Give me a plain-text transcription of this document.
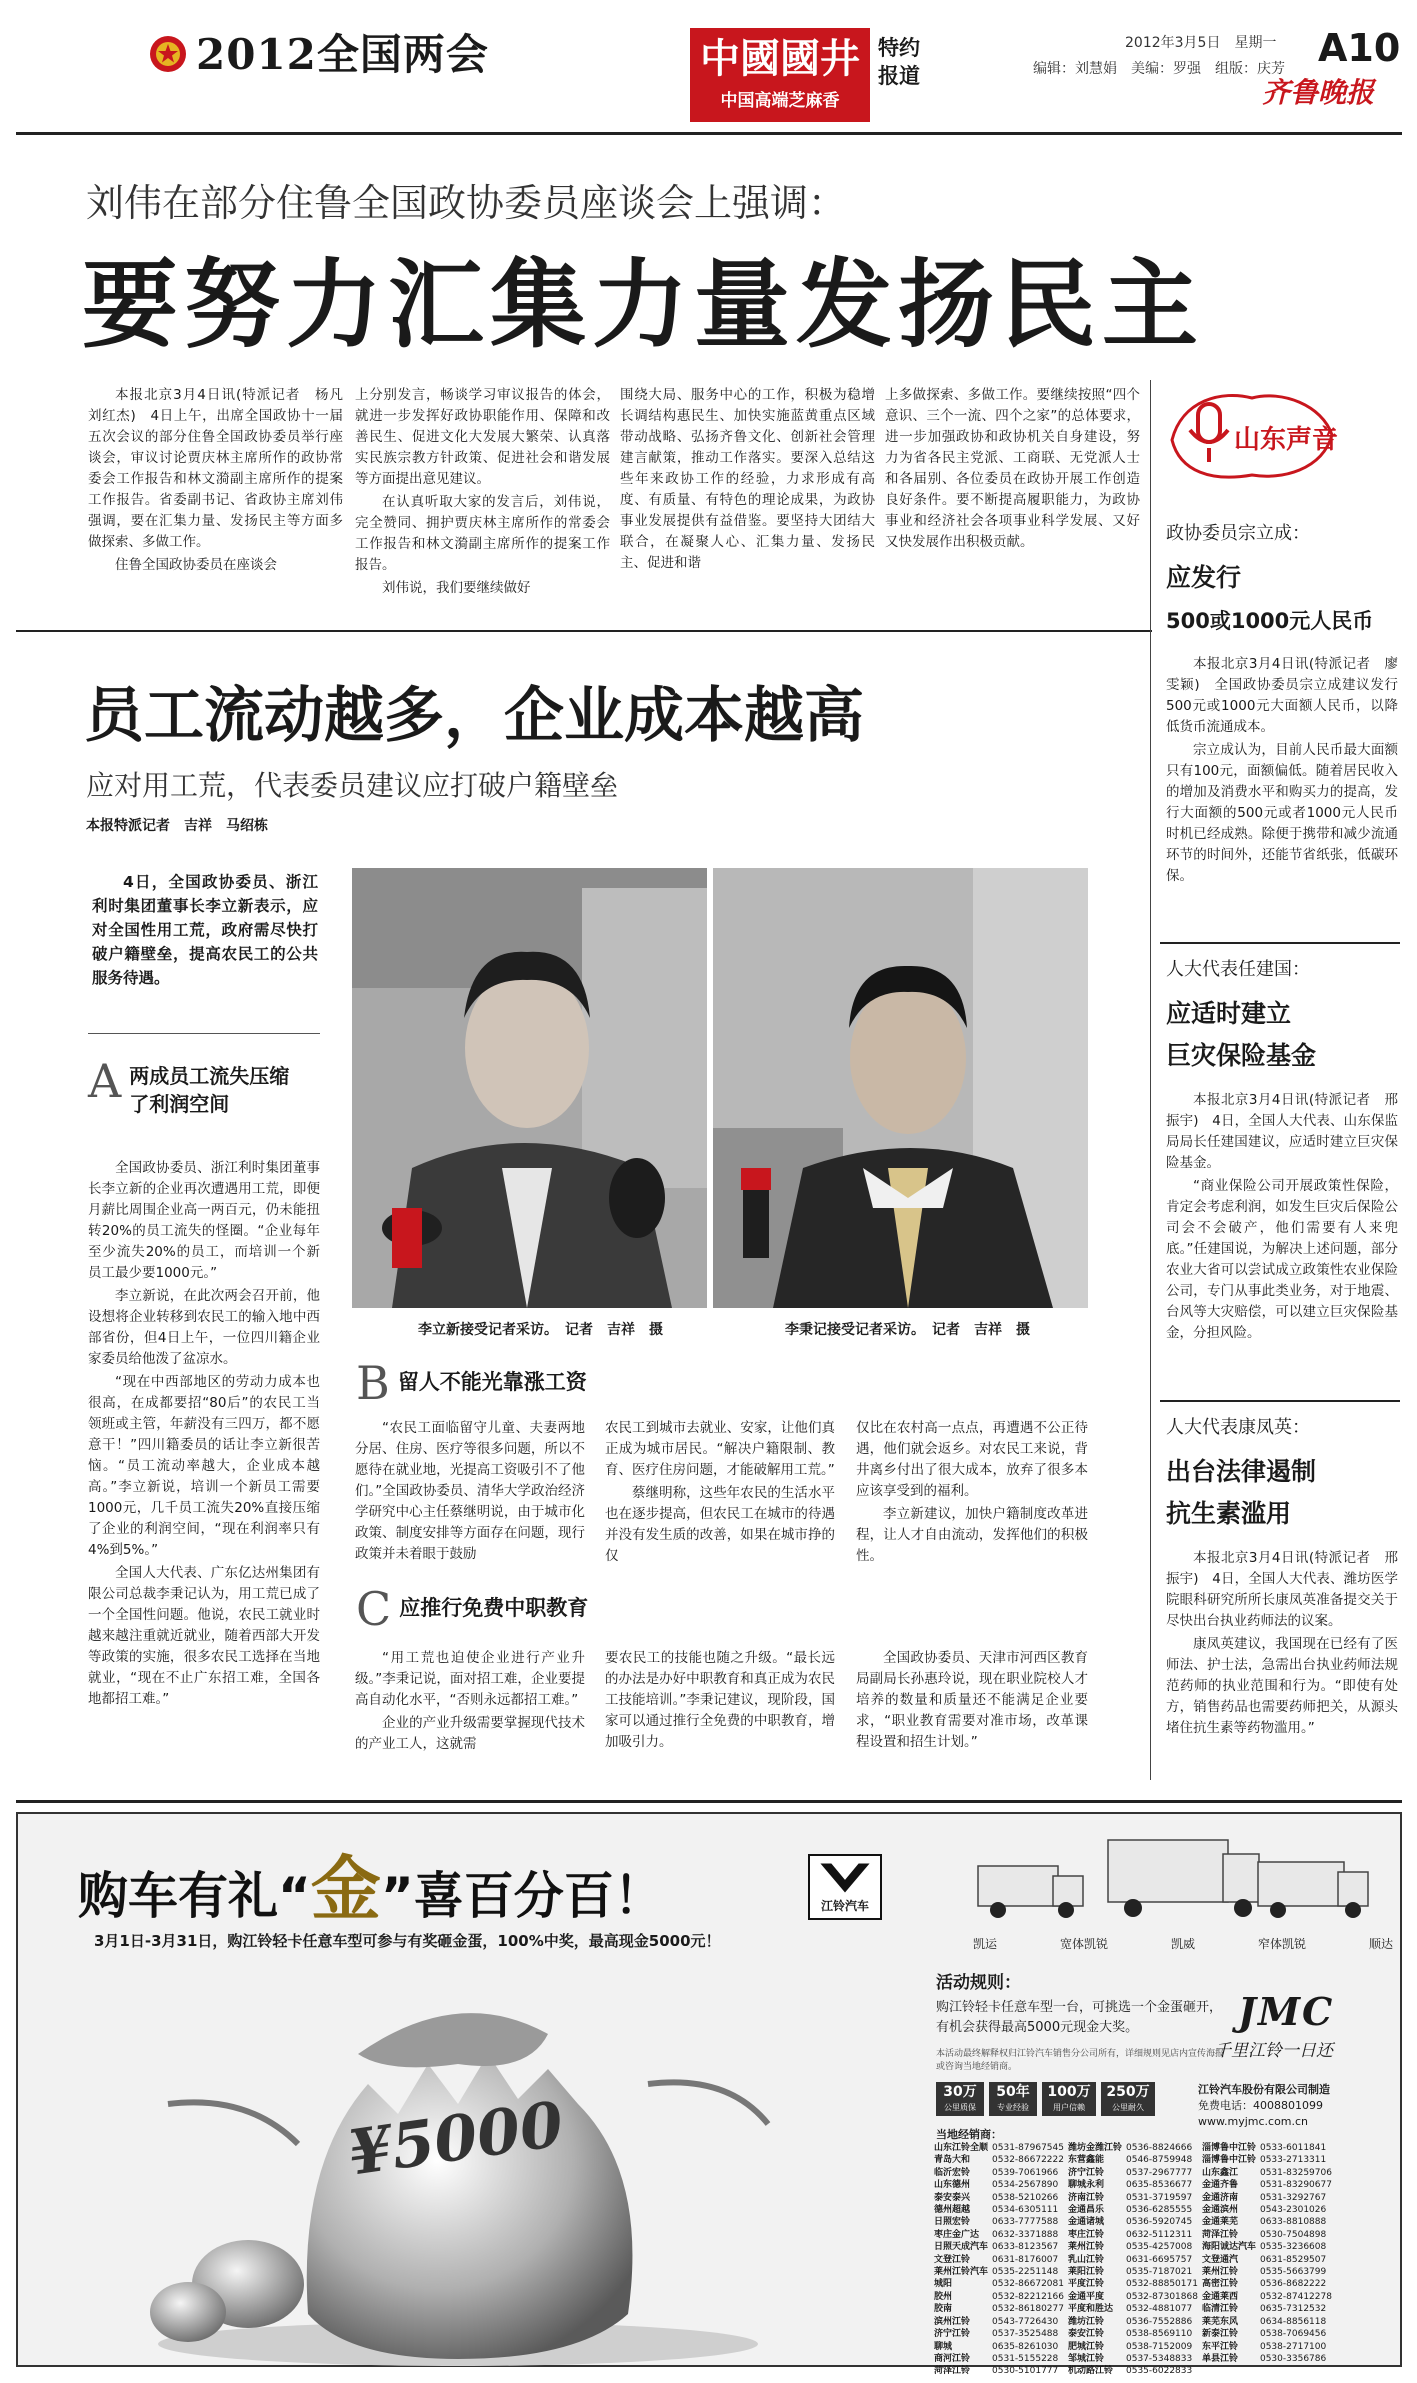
2012全国两会	中國國井
中国高端芝麻香
特约报道
2012年3月5日　星期一
编辑：刘慧娟　美编：罗强　组版：庆芳 A10
齐鲁晚报
刘伟在部分住鲁全国政协委员座谈会上强调：
要努力汇集力量发扬民主

本报北京3月4日讯(特派记者　杨凡　刘红杰)　4日上午，出席全国政协十一届五次会议的部分住鲁全国政协委员举行座谈会，审议讨论贾庆林主席所作的政协常委会工作报告和林文漪副主席所作的提案工作报告。省委副书记、省政协主席刘伟强调，要在汇集力量、发扬民主等方面多做探索、多做工作。

住鲁全国政协委员在座谈会

上分别发言，畅谈学习审议报告的体会，就进一步发挥好政协职能作用、保障和改善民生、促进文化大发展大繁荣、认真落实民族宗教方针政策、促进社会和谐发展等方面提出意见建议。

在认真听取大家的发言后，刘伟说，完全赞同、拥护贾庆林主席所作的常委会工作报告和林文漪副主席所作的提案工作报告。

刘伟说，我们要继续做好

围绕大局、服务中心的工作，积极为稳增长调结构惠民生、加快实施蓝黄重点区域带动战略、弘扬齐鲁文化、创新社会管理建言献策，推动工作落实。要深入总结这些年来政协工作的经验，力求形成有高度、有质量、有特色的理论成果，为政协事业发展提供有益借鉴。要坚持大团结大联合，在凝聚人心、汇集力量、发扬民主、促进和谐

上多做探索、多做工作。要继续按照“四个意识、三个一流、四个之家”的总体要求，进一步加强政协和政协机关自身建设，努力为省各民主党派、工商联、无党派人士和各届别、各位委员在政协开展工作创造良好条件。要不断提高履职能力，为政协事业和经济社会各项事业科学发展、又好又快发展作出积极贡献。

山东声音
政协委员宗立成：
应发行
500或1000元人民币

本报北京3月4日讯(特派记者　廖雯颖)　全国政协委员宗立成建议发行500元或1000元大面额人民币，以降低货币流通成本。

宗立成认为，目前人民币最大面额只有100元，面额偏低。随着居民收入的增加及消费水平和购买力的提高，发行大面额的500元或者1000元人民币时机已经成熟。除便于携带和减少流通环节的时间外，还能节省纸张，低碳环保。

人大代表任建国：
应适时建立
巨灾保险基金

本报北京3月4日讯(特派记者　邢振宇)　4日，全国人大代表、山东保监局局长任建国建议，应适时建立巨灾保险基金。

“商业保险公司开展政策性保险，肯定会考虑利润，如发生巨灾后保险公司会不会破产，他们需要有人来兜底。”任建国说，为解决上述问题，部分农业大省可以尝试成立政策性农业保险公司，专门从事此类业务，对于地震、台风等大灾赔偿，可以建立巨灾保险基金，分担风险。

人大代表康凤英：
出台法律遏制
抗生素滥用

本报北京3月4日讯(特派记者　邢振宇)　4日，全国人大代表、潍坊医学院眼科研究所所长康凤英准备提交关于尽快出台执业药师法的议案。

康凤英建议，我国现在已经有了医师法、护士法，急需出台执业药师法规范药师的执业范围和行为。“即使有处方，销售药品也需要药师把关，从源头堵住抗生素等药物滥用。”

员工流动越多，企业成本越高
应对用工荒，代表委员建议应打破户籍壁垒
本报特派记者　吉祥　马绍栋

4日，全国政协委员、浙江利时集团董事长李立新表示，应对全国性用工荒，政府需尽快打破户籍壁垒，提高农民工的公共服务待遇。

A 两成员工流失压缩了利润空间

全国政协委员、浙江利时集团董事长李立新的企业再次遭遇用工荒，即便月薪比周围企业高一两百元，仍未能扭转20%的员工流失的怪圈。“企业每年至少流失20%的员工，而培训一个新员工最少要1000元。”

李立新说，在此次两会召开前，他设想将企业转移到农民工的输入地中西部省份，但4日上午，一位四川籍企业家委员给他泼了盆凉水。

“现在中西部地区的劳动力成本也很高，在成都要招“80后”的农民工当领班或主管，年薪没有三四万，都不愿意干！”四川籍委员的话让李立新很苦恼。“员工流动率越大，企业成本越高。”李立新说，培训一个新员工需要1000元，几千员工流失20%直接压缩了企业的利润空间，“现在利润率只有4%到5%。”

全国人大代表、广东亿达州集团有限公司总裁李秉记认为，用工荒已成了一个全国性问题。他说，农民工就业时越来越注重就近就业，随着西部大开发等政策的实施，很多农民工选择在当地就业，“现在不止广东招工难，全国各地都招工难。”

李立新接受记者采访。　记者　吉祥　摄	李秉记接受记者采访。　记者　吉祥　摄
B 留人不能光靠涨工资

“农民工面临留守儿童、夫妻两地分居、住房、医疗等很多问题，所以不愿待在就业地，光提高工资吸引不了他们。”全国政协委员、清华大学政治经济学研究中心主任蔡继明说，由于城市化政策、制度安排等方面存在问题，现行政策并未着眼于鼓励

农民工到城市去就业、安家，让他们真正成为城市居民。“解决户籍限制、教育、医疗住房问题，才能破解用工荒。”

蔡继明称，这些年农民的生活水平也在逐步提高，但农民工在城市的待遇并没有发生质的改善，如果在城市挣的仅

仅比在农村高一点点，再遭遇不公正待遇，他们就会返乡。对农民工来说，背井离乡付出了很大成本，放弃了很多本应该享受到的福利。

李立新建议，加快户籍制度改革进程，让人才自由流动，发挥他们的积极性。

C 应推行免费中职教育

“用工荒也迫使企业进行产业升级。”李秉记说，面对招工难，企业要提高自动化水平，“否则永远都招工难。”

企业的产业升级需要掌握现代技术的产业工人，这就需

要农民工的技能也随之升级。“最长远的办法是办好中职教育和真正成为农民工技能培训。”李秉记建议，现阶段，国家可以通过推行全免费的中职教育，增加吸引力。

全国政协委员、天津市河西区教育局副局长孙惠玲说，现在职业院校人才培养的数量和质量还不能满足企业要求，“职业教育需要对准市场，改革课程设置和招生计划。”

购车有礼“金”喜百分百！	江铃汽车
3月1日-3月31日，购江铃轻卡任意车型可参与有奖砸金蛋，100%中奖，最高现金5000元！
¥5000
凯运	宽体凯锐	凯威	窄体凯锐	顺达
活动规则：
购江铃轻卡任意车型一台，可挑选一个金蛋砸开，有机会获得最高5000元现金大奖。
本活动最终解释权归江铃汽车销售分公司所有，详细规则见店内宣传海报或咨询当地经销商。
JMC
千里江铃一日还
30万
公里质保
50年
专业经验
100万
用户信赖
250万
公里耐久
江铃汽车股份有限公司制造
免费电话：4008801099
www.myjmc.com.cn
当地经销商：
山东江铃全顺	0531-87967545	潍坊金潍江铃	0536-8824666	淄博鲁中江铃	0533-6011841
青岛大和	0532-86672222	东营鑫能	0546-8759948	淄博鲁中江铃	0533-2713311
临沂宏铃	0539-7061966	济宁江铃	0537-2967777	山东鑫江	0531-83259706
山东德州	0534-2567890	聊城永利	0635-8536677	金通齐鲁	0531-83290677
泰安泰兴	0538-5210266	济南江铃	0531-3719597	金通济南	0531-3292767
德州超越	0534-6305111	金通昌乐	0536-6285555	金通滨州	0543-2301026
日照宏铃	0633-7777588	金通诸城	0536-5920745	金通莱芜	0633-8810888
枣庄金广达	0632-3371888	枣庄江铃	0632-5112311	菏泽江铃	0530-7504898
日照天成汽车	0633-8123567	莱州江铃	0535-4257008	海阳诚达汽车	0535-3236608
文登江铃	0631-8176007	乳山江铃	0631-6695757	文登通汽	0631-8529507
莱州江铃汽车	0535-2251148	莱阳江铃	0535-7187021	莱州江铃	0535-5663799
城阳	0532-86672081	平度江铃	0532-88850171	高密江铃	0536-8682222
胶州	0532-82212166	金通平度	0532-87301868	金通莱西	0532-87412278
胶南	0532-86180277	平度和胜达	0532-4881077	临清江铃	0635-7312532
滨州江铃	0543-7726430	潍坊江铃	0536-7552886	莱芜东风	0634-8856118
济宁江铃	0537-3525488	泰安江铃	0538-8569110	新泰江铃	0538-7069456
聊城	0635-8261030	肥城江铃	0538-7152009	东平江铃	0538-2717100
商河江铃	0531-5155228	邹城江铃	0537-5348833	单县江铃	0530-3356786
菏泽江铃	0530-5101777	机动路江铃	0535-6022833		
